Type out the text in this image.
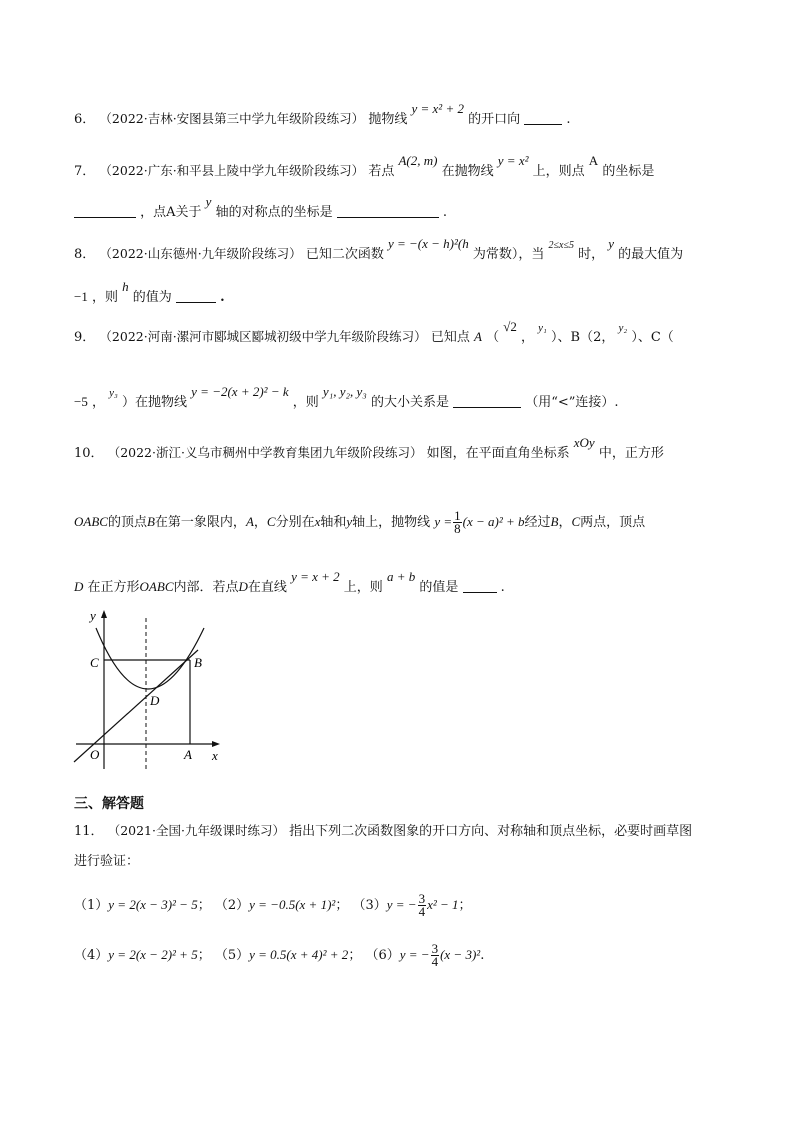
6． （2022·吉林·安图县第三中学九年级阶段练习） 抛物线 y = x² + 2 的开口向	.
7． （2022·广东·和平县上陵中学九年级阶段练习） 若点 A(2, m) 在抛物线 y = x² 上，则点 A 的坐标是
，点A关于 y 轴的对称点的坐标是	.
8． （2022·山东德州·九年级阶段练习） 已知二次函数 y = −(x − h)²(h 为常数），当 $^{2\le x\le 5}$ 时， y 的最大值为
−1 ，则 h 的值为	.
9． （2022·河南·漯河市郾城区郾城初级中学九年级阶段练习） 已知点 A （ √2 ， $^{y_1}$ ）、B（2， $^{y_2}$ ）、C（
−5 ， $^{y_3}$ ）在抛物线 y = −2(x + 2)² − k ，则 y₁, y₂, y₃ 的大小关系是	（用“<”连接）.
10． （2022·浙江·义乌市稠州中学教育集团九年级阶段练习） 如图，在平面直角坐标系 xOy 中，正方形
OABC的顶点B在第一象限内，A，C分别在x轴和y轴上，抛物线 $y = \frac{1}{8} (x - a)^2 + b$经过B，C两点，顶点
D 在正方形OABC内部．若点D在直线 y = x + 2 上，则 a + b 的值是	.
y
x
O	A
B
C
D
三、解答题
11． （2021·全国·九年级课时练习） 指出下列二次函数图象的开口方向、对称轴和顶点坐标，必要时画草图
进行验证：
（1）y = 2(x − 3)² − 5； （2）y = −0.5(x + 1)²； （3）y = − $\frac{3}{4} x^2 - 1$；
（4）y = 2(x − 2)² + 5； （5）y = 0.5(x + 4)² + 2； （6）y = − $\frac{3}{4} (x - 3)^2$.
